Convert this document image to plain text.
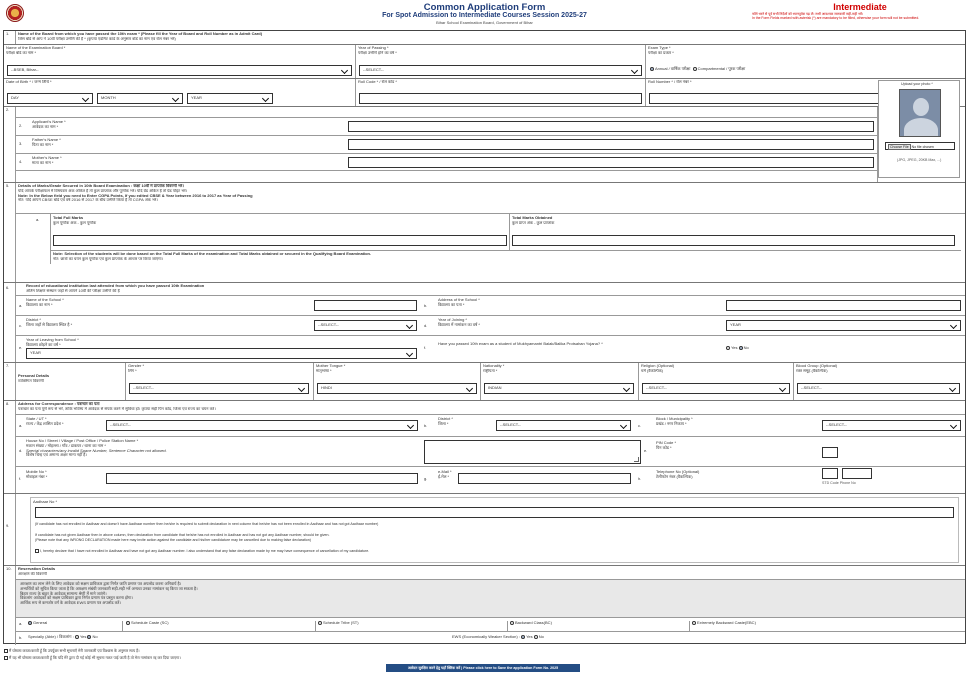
Common Application Form
For Spot Admission to Intermediate Courses Session 2025-27
Bihar School Examination Board, Government of Bihar
Intermediate
फॉर्म भरने से पूर्व सभी निर्देशों को ध्यानपूर्वक पढ़ लें। सभी आवश्यक जानकारी सही-सही भरें।
In the Form Fields marked with asterisk (*) are mandatory to be filled, otherwise your form will not be submitted.
1. Name of the Board from which you have passed the 10th exam * (Please fill the Year of Board and Roll Number as in Admit Card)
जिस बोर्ड से आप ने 10वीं परीक्षा उत्तीर्ण की है * (कृपया एडमिट कार्ड के अनुसार बोर्ड का नाम एवं रोल नंबर भरें)
Name of the Examination Board *
परीक्षा बोर्ड का नाम *
--BSEB, Bihar--
Year of Passing *
परीक्षा उत्तीर्ण होने का वर्ष *
--SELECT--
Exam Type *
परीक्षा का प्रकार *
Annual / वार्षिक परीक्षा Compartmental / पूरक परीक्षा
Date of Birth * / जन्म तिथि *
DAY	MONTH	YEAR
Roll Code * / रोल कोड *	Roll Number * / रोल नंबर *
2.
2.
Applicant's Name *
आवेदक का नाम *
3.
Father's Name *
पिता का नाम *
4.
Mother's Name *
माता का नाम *
5. Details of Marks/Grade Secured in 10th Board Examination : कक्षा 10वीं में प्राप्तांक विवरणी भरें।
यदि आपके परीक्षाफल में विषयवार अंक अंकित हैं तो कुल प्राप्तांक और पूर्णांक भरें। यदि ग्रेड अंकित है तो ग्रेड पॉइंट भरें।
Note: In the Below field you need to Enter CGPA Points, If you edited CBSE & Year between 2016 to 2017 as Year of Passing
नोट: यदि आपने CBSE बोर्ड एवं वर्ष 2016 से 2017 के बीच उत्तीर्ण किया है तो CGPA अंक भरें।
a.	Total Full Marks
कुल पूर्णांक अंक - कुल पूर्णांक
Total Marks Obtained
कुल प्राप्त अंक - कुल प्राप्तांक
Note: Selection of the students will be done based on the Total Full Marks of the examination and Total Marks obtained or secured in the Qualifying Board Examination.
नोट: छात्रों का चयन कुल पूर्णांक एवं कुल प्राप्तांक के आधार पर किया जाएगा।
6.	Record of educational institution last attended from which you have passed 10th Examination
अंतिम शिक्षण संस्थान जहाँ से आपने 10वीं की परीक्षा उत्तीर्ण की है
a.
Name of the School *
विद्यालय का नाम *	b.
Address of the School *
विद्यालय का पता *
c.
District *
जिला जहाँ से विद्यालय स्थित है *	--SELECT--	d.
Year of Joining *
विद्यालय में नामांकन का वर्ष *	YEAR
e.
Year of Leaving from School *
विद्यालय छोड़ने का वर्ष *
YEAR
f.
Have you passed 10th exam as a student of Mukhyamantri Balak/Balika Protsahan Yojana? *
Yes No
7.
Personal Details
व्यक्तिगत विवरणी
Gender *
लिंग *
--SELECT--
Mother Tongue *
मातृभाषा *
HINDI
Nationality *
राष्ट्रीयता *
INDIAN
Religion (Optional)
धर्म (वैकल्पिक)
--SELECT--
Blood Group (Optional)
रक्त समूह (वैकल्पिक)
--SELECT--
8. Address for Correspondence : पत्राचार का पता
पत्राचार का पता पूर्ण रूप से भरें, ताकि भविष्य में आवेदक से संपर्क करने में सुविधा हो। कृपया सही पिन कोड, जिला एवं राज्य का चयन करें।
a.
State / UT *
राज्य / केंद्र शासित प्रदेश *	--SELECT--	b.
District *
जिला *	--SELECT--	c.
Block / Municipality *
प्रखंड / नगर निकाय *	--SELECT--
d.
House No / Street / Village / Post Office / Police Station Name *
मकान संख्या / मोहल्ला / गाँव / डाकघर / थाना का नाम *
Special characters/any invalid Space Number, Sentence Character not allowed.
विशेष चिन्ह एवं अमान्य अक्षर मान्य नहीं हैं।
e.
PIN Code *
पिन कोड *
f.
Mobile No *
मोबाइल नंबर *	g.
e-Mail *
ई-मेल *	h.
Telephone No (Optional)
टेलीफोन नंबर (वैकल्पिक)
STD Code Phone No
9.
Aadhaar No *
(If candidate has not enrolled in Aadhaar and doesn't have Aadhaar number then he/she is required to submit declaration in next column that he/she has not been enrolled in Aadhaar and has not got Aadhaar number)
If candidate has not given Aadhaar then in above column, then declaration from candidate that he/she has not enrolled in Aadhaar and has not got any Aadhaar number, should be given.
(Please note that any WRONG DECLARATION made here may invite action against the candidate and his/her candidature may be cancelled due to making false declaration)
I, hereby declare that I have not enrolled in Aadhaar and have not got any Aadhaar number. I also understand that any false declaration made by me may have consequence of cancellation of my candidature.
10. Reservation Details
आरक्षण की विवरणी
आरक्षण का लाभ लेने के लिए आवेदक को सक्षम प्राधिकार द्वारा निर्गत जाति प्रमाण पत्र अपलोड करना अनिवार्य है।
अभ्यर्थियों को सूचित किया जाता है कि आरक्षण संबंधी जानकारी सही-सही भरें अन्यथा उनका नामांकन रद्द किया जा सकता है।
बिहार राज्य के बाहर के आवेदक सामान्य श्रेणी में माने जाएंगे।
विकलांग आवेदकों को सक्षम प्राधिकार द्वारा निर्गत प्रमाण पत्र प्रस्तुत करना होगा।
आर्थिक रूप से कमजोर वर्ग के आवेदक EWS प्रमाण पत्र अपलोड करें।
a.	General	Schedule Caste (SC)	Schedule Tribe (ST)	Backward Class(BC)	Extremely Backward Caste(EBC)
b. Specially (Able) / विकलांग : Yes No	EWS (Economically Weaker Section) : Yes No
Upload your photo *
Choose File No file chosen
(JPG, JPEG, 20KB Max, ...)
मैं घोषणा करता/करती हूँ कि उपर्युक्त सभी सूचनाएँ मेरी जानकारी एवं विश्वास के अनुसार सत्य हैं।
मैं यह भी घोषणा करता/करती हूँ कि यदि मेरे द्वारा दी गई कोई भी सूचना गलत पाई जाती है तो मेरा नामांकन रद्द कर दिया जाएगा।
आवेदन सुरक्षित करने हेतु यहाँ क्लिक करें | Please click here to Save the application Form No. 2025
